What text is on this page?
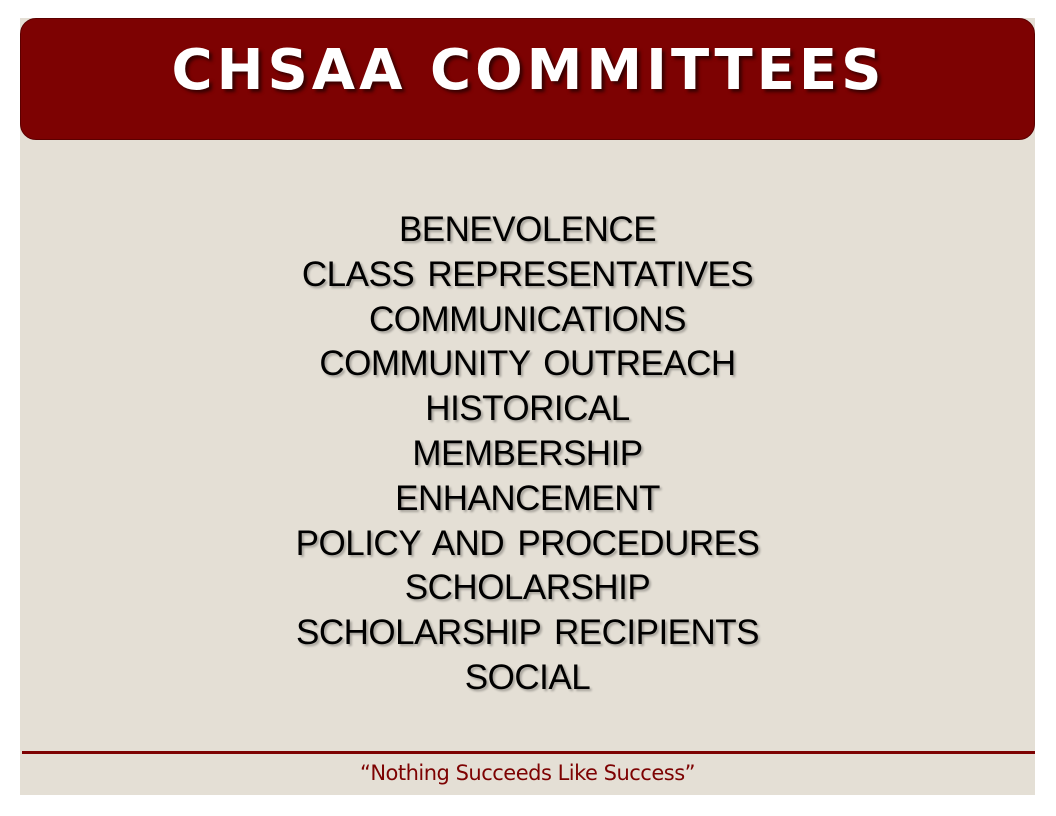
CHSAA COMMITTEES
BENEVOLENCE
CLASS REPRESENTATIVES
COMMUNICATIONS
COMMUNITY OUTREACH
HISTORICAL
MEMBERSHIP
ENHANCEMENT
POLICY AND PROCEDURES
SCHOLARSHIP
SCHOLARSHIP RECIPIENTS
SOCIAL
“Nothing Succeeds Like Success”
